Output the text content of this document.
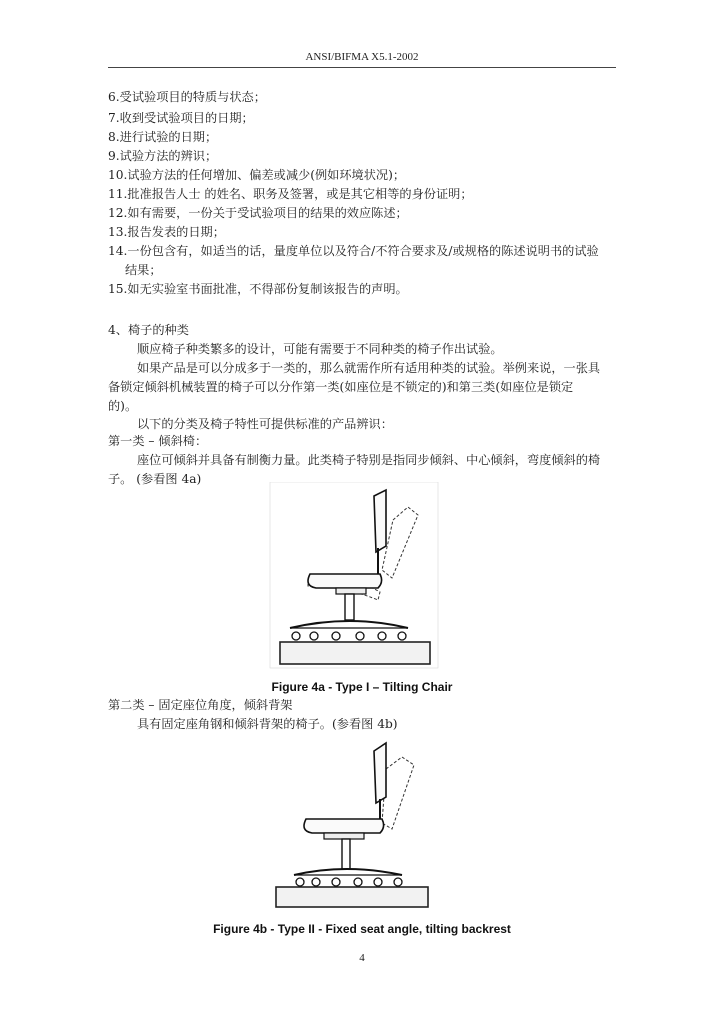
ANSI/BIFMA X5.1-2002
6.受试验项目的特质与状态；
7.收到受试验项目的日期；
8.进行试验的日期；
9.试验方法的辨识；
10.试验方法的任何增加、偏差或减少(例如环境状况)；
11.批准报告人士 的姓名、职务及签署，或是其它相等的身份证明；
12.如有需要，一份关于受试验项目的结果的效应陈述；
13.报告发表的日期；
14.一份包含有，如适当的话，量度单位以及符合/不符合要求及/或规格的陈述说明书的试验
结果；
15.如无实验室书面批准，不得部份复制该报告的声明。
4、椅子的种类
顺应椅子种类繁多的设计，可能有需要于不同种类的椅子作出试验。
如果产品是可以分成多于一类的，那么就需作所有适用种类的试验。举例来说，一张具
备锁定倾斜机械装置的椅子可以分作第一类(如座位是不锁定的)和第三类(如座位是锁定
的)。
以下的分类及椅子特性可提供标准的产品辨识：
第一类 – 倾斜椅：
座位可倾斜并具备有制衡力量。此类椅子特别是指同步倾斜、中心倾斜，弯度倾斜的椅
子。 (参看图 4a)
Figure 4a - Type I – Tilting Chair
第二类 – 固定座位角度，倾斜背架
具有固定座角钢和倾斜背架的椅子。(参看图 4b)
Figure 4b - Type II - Fixed seat angle, tilting backrest
4
